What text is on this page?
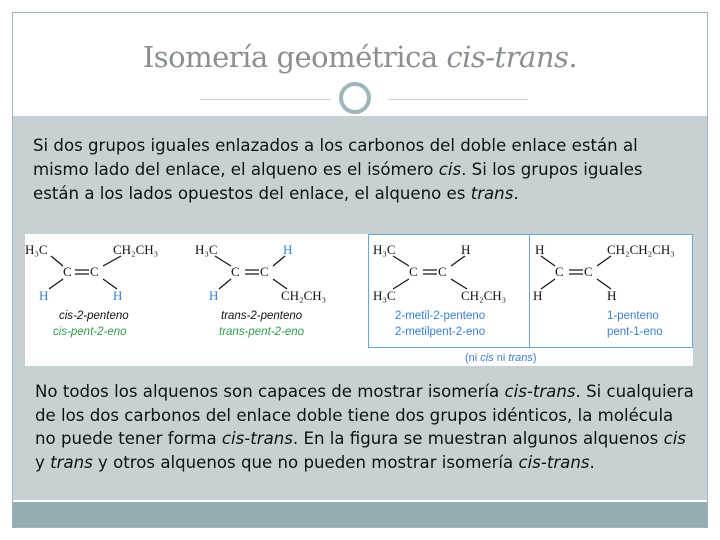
Isomería geométrica cis-trans.
Si dos grupos iguales enlazados a los carbonos del doble enlace están al mismo lado del enlace, el alqueno es el isómero cis. Si los grupos iguales están a los lados opuestos del enlace, el alqueno es trans.
H₃C	CH₂CH₃
C C
H	H
cis-2-penteno
cis-pent-2-eno
H₃C	H
C C
H	CH₂CH₃
trans-2-penteno
trans-pent-2-eno
H₃C	H
C C
H₃C	CH₂CH₃
2-metil-2-penteno
2-metilpent-2-eno
H	CH₂CH₂CH₃
C C
H	H
1-penteno
pent-1-eno
(ni cis ni trans)
No todos los alquenos son capaces de mostrar isomería cis-trans. Si cualquiera de los dos carbonos del enlace doble tiene dos grupos idénticos, la molécula no puede tener forma cis-trans. En la figura se muestran algunos alquenos cis y trans y otros alquenos que no pueden mostrar isomería cis-trans.
